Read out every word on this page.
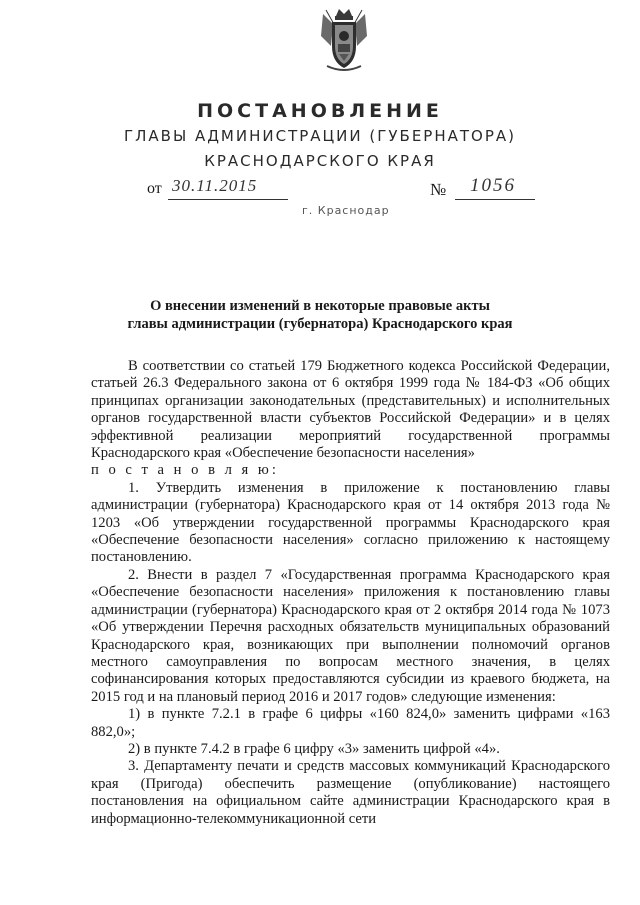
ПОСТАНОВЛЕНИЕ
ГЛАВЫ АДМИНИСТРАЦИИ (ГУБЕРНАТОРА)
КРАСНОДАРСКОГО КРАЯ
от 30.11.2015	№ 1056
г. Краснодар
О внесении изменений в некоторые правовые акты
главы администрации (губернатора) Краснодарского края

В соответствии со статьей 179 Бюджетного кодекса Российской Федерации, статьей 26.3 Федерального закона от 6 октября 1999 года № 184-ФЗ «Об общих принципах организации законодательных (представительных) и исполнительных органов государственной власти субъектов Российской Федерации» и в целях эффективной реализации мероприятий государственной программы Краснодарского края «Обеспечение безопасности населения»

п о с т а н о в л я ю:

1. Утвердить изменения в приложение к постановлению главы администрации (губернатора) Краснодарского края от 14 октября 2013 года № 1203 «Об утверждении государственной программы Краснодарского края «Обеспечение безопасности населения» согласно приложению к настоящему постановлению.

2. Внести в раздел 7 «Государственная программа Краснодарского края «Обеспечение безопасности населения» приложения к постановлению главы администрации (губернатора) Краснодарского края от 2 октября 2014 года № 1073 «Об утверждении Перечня расходных обязательств муниципальных образований Краснодарского края, возникающих при выполнении полномочий органов местного самоуправления по вопросам местного значения, в целях софинансирования которых предоставляются субсидии из краевого бюджета, на 2015 год и на плановый период 2016 и 2017 годов» следующие изменения:

1) в пункте 7.2.1 в графе 6 цифры «160 824,0» заменить цифрами «163 882,0»;

2) в пункте 7.4.2 в графе 6 цифру «3» заменить цифрой «4».

3. Департаменту печати и средств массовых коммуникаций Краснодарского края (Пригода) обеспечить размещение (опубликование) настоящего постановления на официальном сайте администрации Краснодарского края в информационно-телекоммуникационной сети
